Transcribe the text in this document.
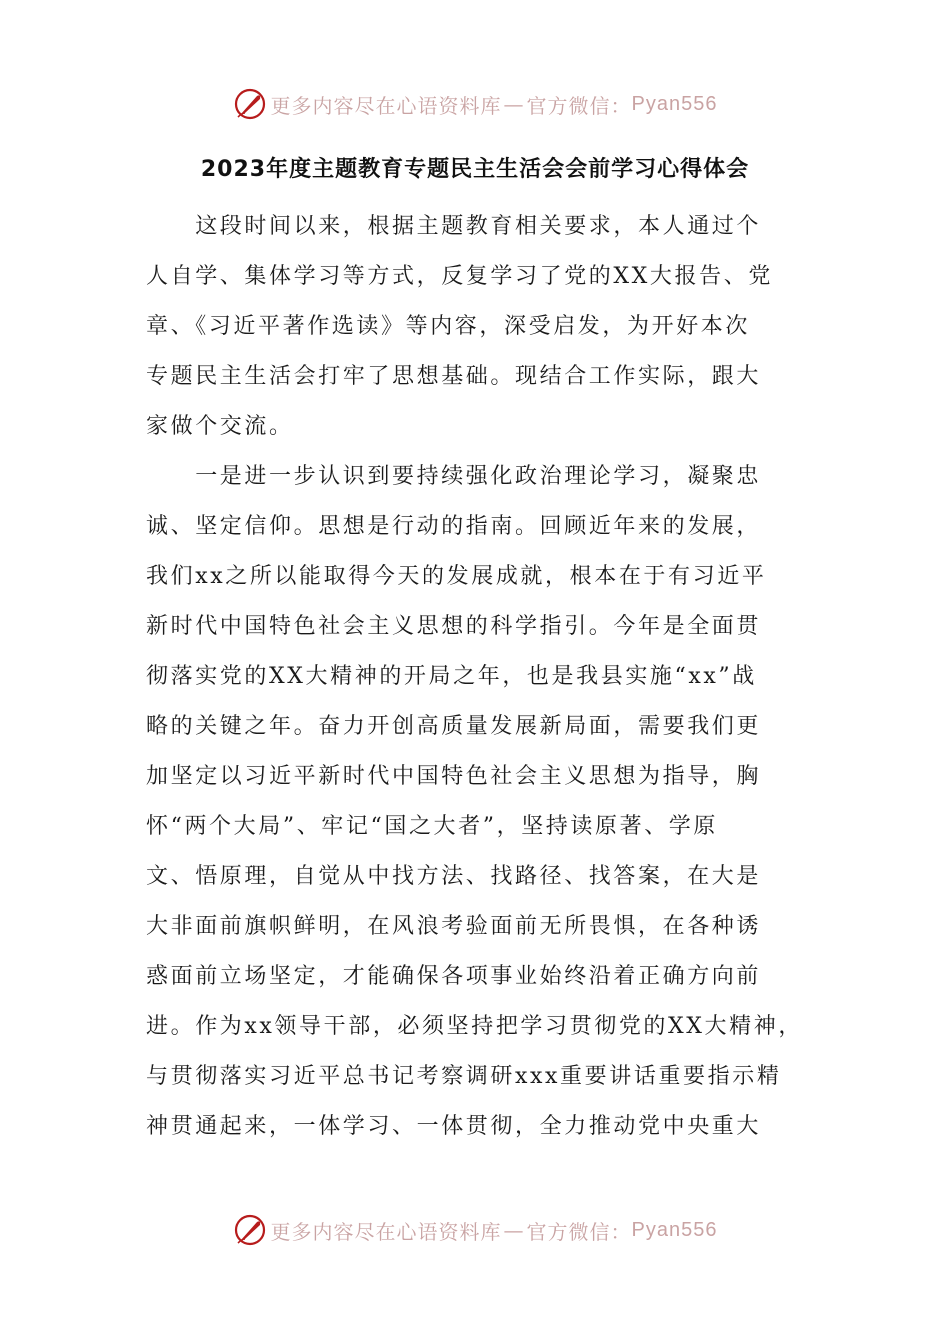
更多内容尽在心语资料库 — 官方微信： Pyan556
2023年度主题教育专题民主生活会会前学习心得体会
　　这段时间以来，根据主题教育相关要求，本人通过个
人自学、集体学习等方式，反复学习了党的XX大报告、党
章、《习近平著作选读》等内容，深受启发，为开好本次
专题民主生活会打牢了思想基础。现结合工作实际，跟大
家做个交流。
　　一是进一步认识到要持续强化政治理论学习，凝聚忠
诚、坚定信仰。思想是行动的指南。回顾近年来的发展，
我们xx之所以能取得今天的发展成就，根本在于有习近平
新时代中国特色社会主义思想的科学指引。今年是全面贯
彻落实党的XX大精神的开局之年，也是我县实施“xx”战
略的关键之年。奋力开创高质量发展新局面，需要我们更
加坚定以习近平新时代中国特色社会主义思想为指导，胸
怀“两个大局”、牢记“国之大者”，坚持读原著、学原
文、悟原理，自觉从中找方法、找路径、找答案，在大是
大非面前旗帜鲜明，在风浪考验面前无所畏惧，在各种诱
惑面前立场坚定，才能确保各项事业始终沿着正确方向前
进。作为xx领导干部，必须坚持把学习贯彻党的XX大精神，
与贯彻落实习近平总书记考察调研xxx重要讲话重要指示精
神贯通起来，一体学习、一体贯彻，全力推动党中央重大
更多内容尽在心语资料库 — 官方微信： Pyan556
